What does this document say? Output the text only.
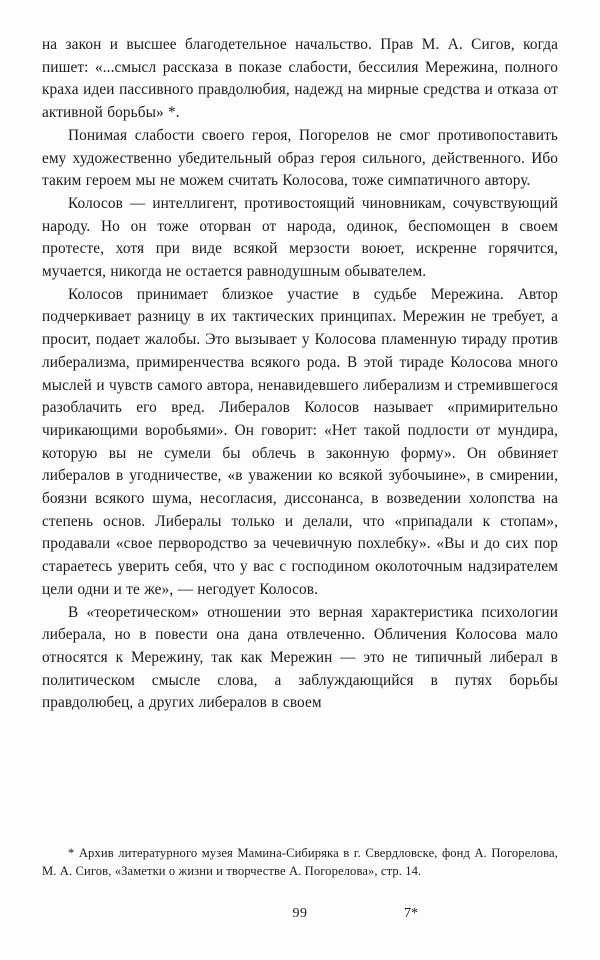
на закон и высшее благодетельное начальство. Прав М. А. Сигов, когда пишет: «...смысл рассказа в показе слабости, бессилия Мережина, полного краха идеи пассивного правдолюбия, надежд на мирные средства и отказа от активной борьбы» *.

Понимая слабости своего героя, Погорелов не смог противопоставить ему художественно убедительный образ героя сильного, действенного. Ибо таким героем мы не можем считать Колосова, тоже симпатичного автору.

Колосов — интеллигент, противостоящий чиновникам, сочувствующий народу. Но он тоже оторван от народа, одинок, беспомощен в своем протесте, хотя при виде всякой мерзости воюет, искренне горячится, мучается, никогда не остается равнодушным обывателем.

Колосов принимает близкое участие в судьбе Мережина. Автор подчеркивает разницу в их тактических принципах. Мережин не требует, а просит, подает жалобы. Это вызывает у Колосова пламенную тираду против либерализма, примиренчества всякого рода. В этой тираде Колосова много мыслей и чувств самого автора, ненавидевшего либерализм и стремившегося разоблачить его вред. Либералов Колосов называет «примирительно чирикающими воробьями». Он говорит: «Нет такой подлости от мундира, которую вы не сумели бы облечь в законную форму». Он обвиняет либералов в угодничестве, «в уважении ко всякой зубочыине», в смирении, боязни всякого шума, несогласия, диссонанса, в возведении холопства на степень основ. Либералы только и делали, что «припадали к стопам», продавали «свое первородство за чечевичную похлебку». «Вы и до сих пор стараетесь уверить себя, что у вас с господином околоточным надзирателем цели одни и те же», — негодует Колосов.

В «теоретическом» отношении это верная характеристика психологии либерала, но в повести она дана отвлеченно. Обличения Колосова мало относятся к Мережину, так как Мережин — это не типичный либерал в политическом смысле слова, а заблуждающийся в путях борьбы правдолюбец, а других либералов в своем

* Архив литературного музея Мамина-Сибиряка в г. Свердловске, фонд А. Погорелова, М. А. Сигов, «Заметки о жизни и творчестве А. Погорелова», стр. 14.

99	7*
